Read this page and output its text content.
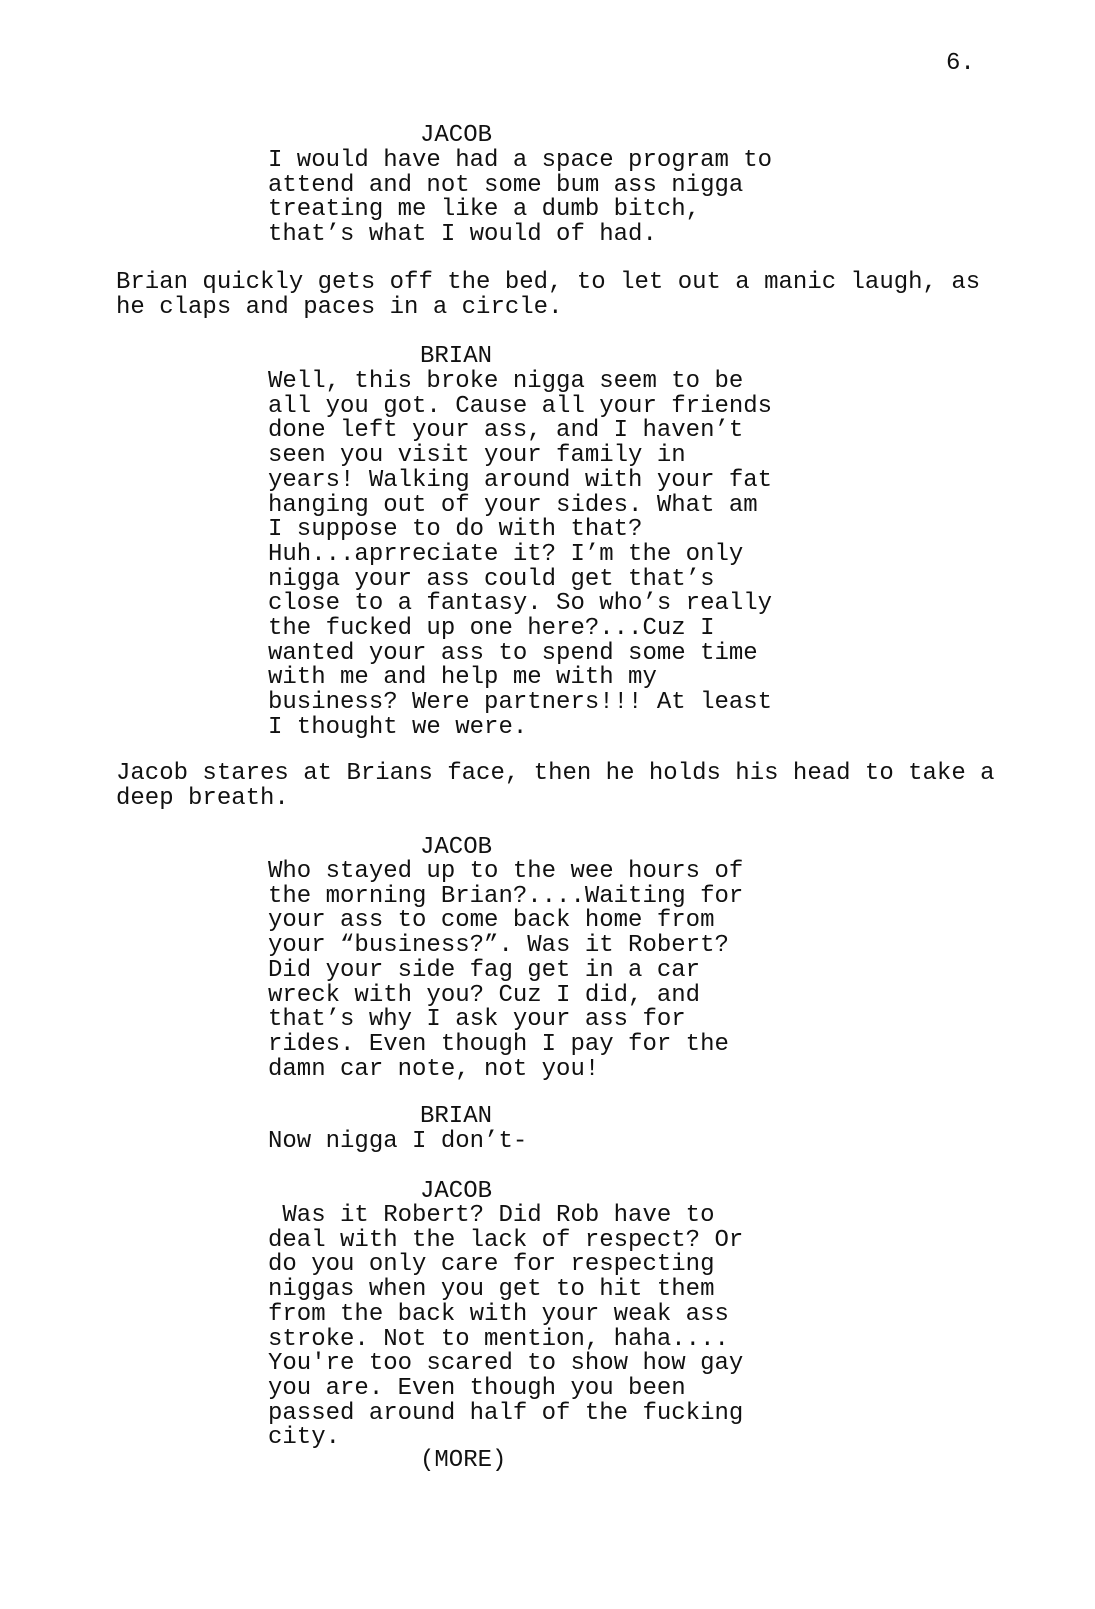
6.
JACOB
I would have had a space program to
attend and not some bum ass nigga
treating me like a dumb bitch,
that’s what I would of had.
Brian quickly gets off the bed, to let out a manic laugh, as
he claps and paces in a circle.
BRIAN
Well, this broke nigga seem to be
all you got. Cause all your friends
done left your ass, and I haven’t
seen you visit your family in
years! Walking around with your fat
hanging out of your sides. What am
I suppose to do with that?
Huh...aprreciate it? I’m the only
nigga your ass could get that’s
close to a fantasy. So who’s really
the fucked up one here?...Cuz I
wanted your ass to spend some time
with me and help me with my
business? Were partners!!! At least
I thought we were.
Jacob stares at Brians face, then he holds his head to take a
deep breath.
JACOB
Who stayed up to the wee hours of
the morning Brian?....Waiting for
your ass to come back home from
your “business?”. Was it Robert?
Did your side fag get in a car
wreck with you? Cuz I did, and
that’s why I ask your ass for
rides. Even though I pay for the
damn car note, not you!
BRIAN
Now nigga I don’t-
JACOB
Was it Robert? Did Rob have to
deal with the lack of respect? Or
do you only care for respecting
niggas when you get to hit them
from the back with your weak ass
stroke. Not to mention, haha....
You're too scared to show how gay
you are. Even though you been
passed around half of the fucking
city.
(MORE)
